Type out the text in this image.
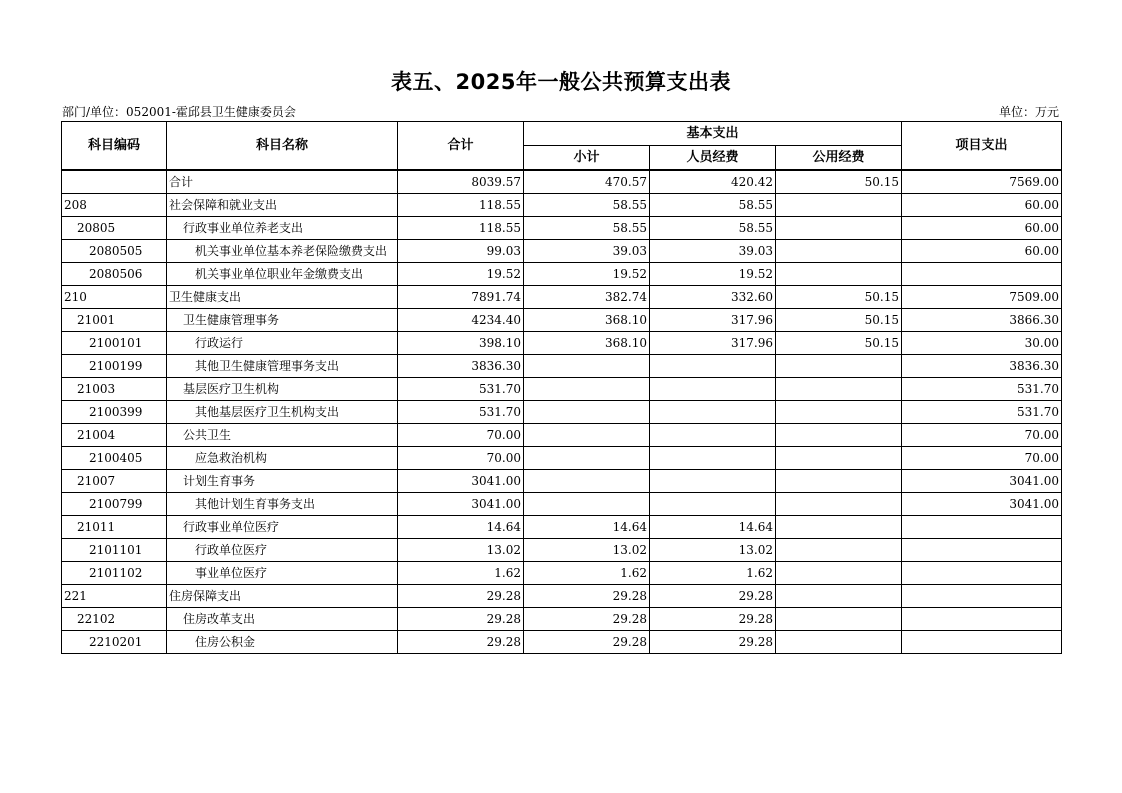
表五、2025年一般公共预算支出表
部门/单位：052001-霍邱县卫生健康委员会	单位：万元
科目编码	科目名称	合计	基本支出			项目支出
			小计	人员经费	公用经费	
	合计	8039.57	470.57	420.42	50.15	7569.00
208	社会保障和就业支出	118.55	58.55	58.55		60.00
20805	行政事业单位养老支出	118.55	58.55	58.55		60.00
2080505	机关事业单位基本养老保险缴费支出	99.03	39.03	39.03		60.00
2080506	机关事业单位职业年金缴费支出	19.52	19.52	19.52		
210	卫生健康支出	7891.74	382.74	332.60	50.15	7509.00
21001	卫生健康管理事务	4234.40	368.10	317.96	50.15	3866.30
2100101	行政运行	398.10	368.10	317.96	50.15	30.00
2100199	其他卫生健康管理事务支出	3836.30				3836.30
21003	基层医疗卫生机构	531.70				531.70
2100399	其他基层医疗卫生机构支出	531.70				531.70
21004	公共卫生	70.00				70.00
2100405	应急救治机构	70.00				70.00
21007	计划生育事务	3041.00				3041.00
2100799	其他计划生育事务支出	3041.00				3041.00
21011	行政事业单位医疗	14.64	14.64	14.64		
2101101	行政单位医疗	13.02	13.02	13.02		
2101102	事业单位医疗	1.62	1.62	1.62		
221	住房保障支出	29.28	29.28	29.28		
22102	住房改革支出	29.28	29.28	29.28		
2210201	住房公积金	29.28	29.28	29.28		
